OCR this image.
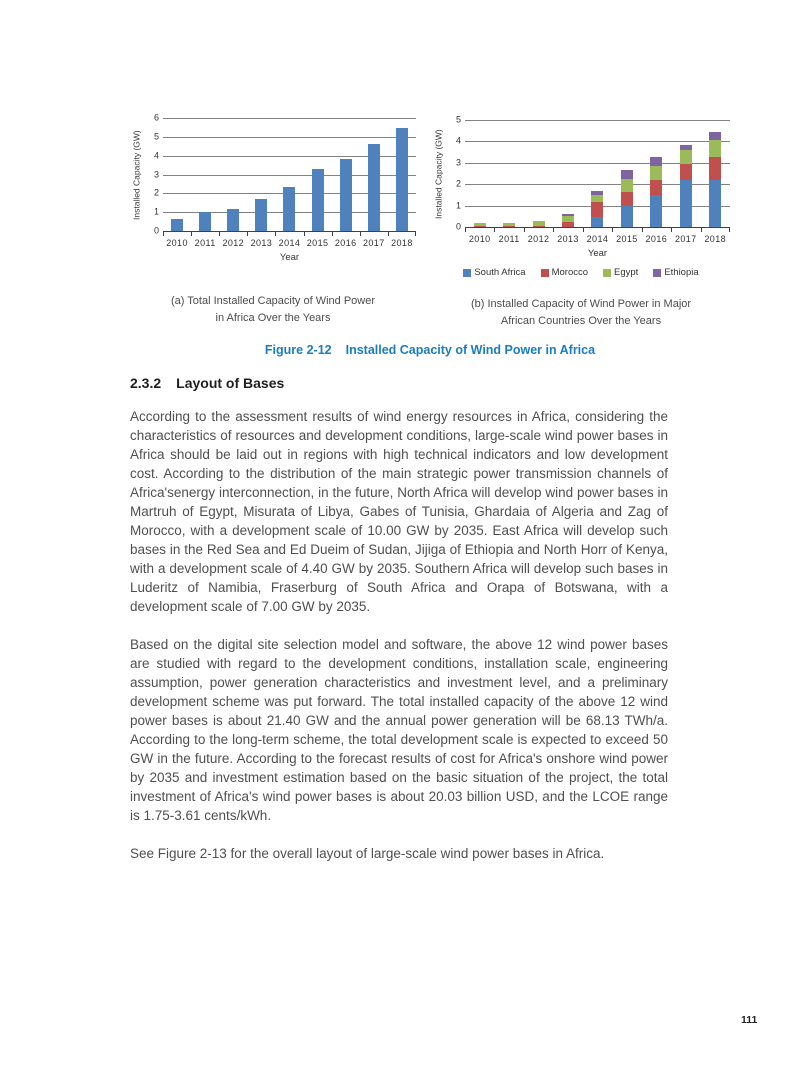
Installed Capacity (GW)
0
1
2
3
4
5
6
2010 2011 2012 2013 2014 2015 2016 2017 2018
Year
(a) Total Installed Capacity of Wind Power
in Africa Over the Years
Installed Capacity (GW)
0
1
2
3
4
5
2010 2011 2012 2013 2014 2015 2016 2017 2018
Year
South Africa	Morocco	Egypt	Ethiopia
(b) Installed Capacity of Wind Power in Major
African Countries Over the Years
Figure 2-12 Installed Capacity of Wind Power in Africa
2.3.2 Layout of Bases

According to the assessment results of wind energy resources in Africa, considering the characteristics of resources and development conditions, large-scale wind power bases in Africa should be laid out in regions with high technical indicators and low development cost. According to the distribution of the main strategic power transmission channels of Africa'senergy interconnection, in the future, North Africa will develop wind power bases in Martruh of Egypt, Misurata of Libya, Gabes of Tunisia, Ghardaia of Algeria and Zag of Morocco, with a development scale of 10.00 GW by 2035. East Africa will develop such bases in the Red Sea and Ed Dueim of Sudan, Jijiga of Ethiopia and North Horr of Kenya, with a development scale of 4.40 GW by 2035. Southern Africa will develop such bases in Luderitz of Namibia, Fraserburg of South Africa and Orapa of Botswana, with a development scale of 7.00 GW by 2035.

Based on the digital site selection model and software, the above 12 wind power bases are studied with regard to the development conditions, installation scale, engineering assumption, power generation characteristics and investment level, and a preliminary development scheme was put forward. The total installed capacity of the above 12 wind power bases is about 21.40 GW and the annual power generation will be 68.13 TWh/a. According to the long-term scheme, the total development scale is expected to exceed 50 GW in the future. According to the forecast results of cost for Africa's onshore wind power by 2035 and investment estimation based on the basic situation of the project, the total investment of Africa's wind power bases is about 20.03 billion USD, and the LCOE range is 1.75-3.61 cents/kWh.

See Figure 2-13 for the overall layout of large-scale wind power bases in Africa.

111
